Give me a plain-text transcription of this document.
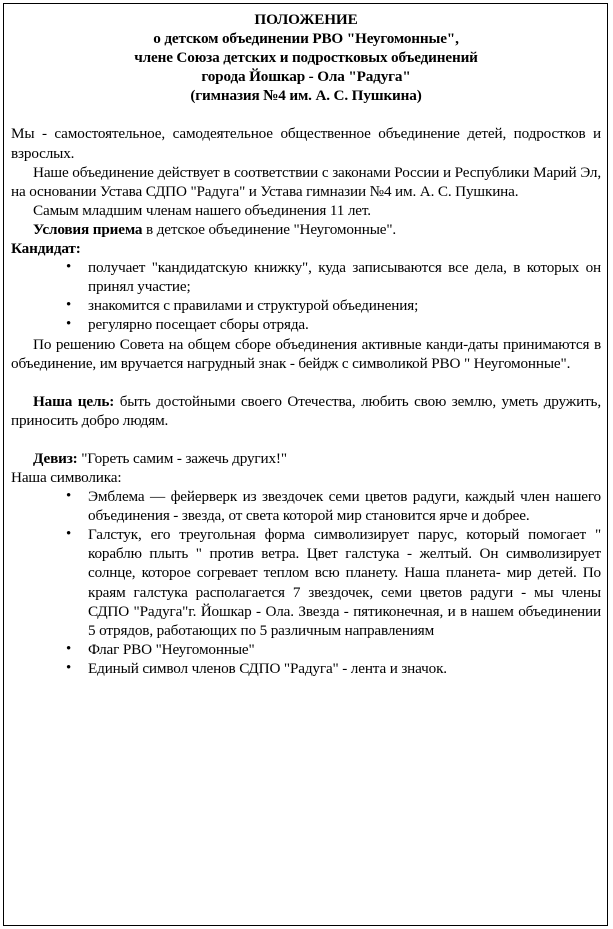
ПОЛОЖЕНИЕ
о детском объединении РВО "Неугомонные",
члене Союза детских и подростковых объединений
города Йошкар - Ола "Радуга"
(гимназия №4 им. А. С. Пушкина)
Мы - самостоятельное, самодеятельное общественное объединение детей, подростков и взрослых.
Наше объединение действует в соответствии с законами России и Республики Марий Эл, на основании Устава СДПО "Радуга" и Устава гимназии №4 им. А. С. Пушкина.
Самым младшим членам нашего объединения 11 лет.
Условия приема в детское объединение "Неугомонные".
Кандидат:
• получает "кандидатскую книжку", куда записываются все дела, в которых он принял участие;
• знакомится с правилами и структурой объединения;
• регулярно посещает сборы отряда.
По решению Совета на общем сборе объединения активные канди-даты принимаются в объединение, им вручается нагрудный знак - бейдж с символикой РВО " Неугомонные".
Наша цель: быть достойными своего Отечества, любить свою землю, уметь дружить, приносить добро людям.
Девиз: "Гореть самим - зажечь других!"
Наша символика:
• Эмблема — фейерверк из звездочек семи цветов радуги, каждый член нашего объединения - звезда, от света которой мир становится ярче и добрее.
• Галстук, его треугольная форма символизирует парус, который помогает " кораблю плыть " против ветра. Цвет галстука - желтый. Он символизирует солнце, которое согревает теплом всю планету. Наша планета- мир детей. По краям галстука располагается 7 звездочек, семи цветов радуги - мы члены СДПО "Радуга"г. Йошкар - Ола. Звезда - пятиконечная, и в нашем объединении 5 отрядов, работающих по 5 различным направлениям
• Флаг РВО "Неугомонные"
• Единый символ членов СДПО "Радуга" - лента и значок.
